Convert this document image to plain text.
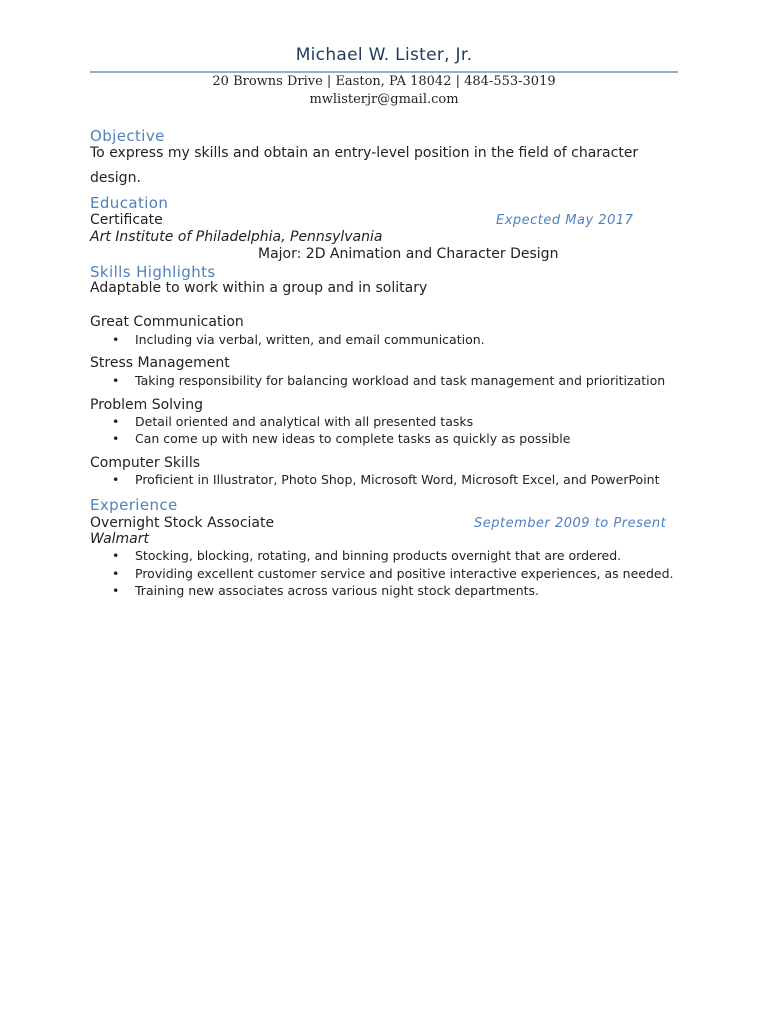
Michael W. Lister, Jr.
20 Browns Drive | Easton, PA 18042 | 484-553-3019
mwlisterjr@gmail.com
Objective
To express my skills and obtain an entry-level position in the field of character design.
Education
Certificate	Expected May 2017
Art Institute of Philadelphia, Pennsylvania
Major: 2D Animation and Character Design
Skills Highlights
Adaptable to work within a group and in solitary
Great Communication
• Including via verbal, written, and email communication.
Stress Management
• Taking responsibility for balancing workload and task management and prioritization
Problem Solving
• Detail oriented and analytical with all presented tasks
• Can come up with new ideas to complete tasks as quickly as possible
Computer Skills
• Proficient in Illustrator, Photo Shop, Microsoft Word, Microsoft Excel, and PowerPoint
Experience
Overnight Stock Associate	September 2009 to Present
Walmart
• Stocking, blocking, rotating, and binning products overnight that are ordered.
• Providing excellent customer service and positive interactive experiences, as needed.
• Training new associates across various night stock departments.
